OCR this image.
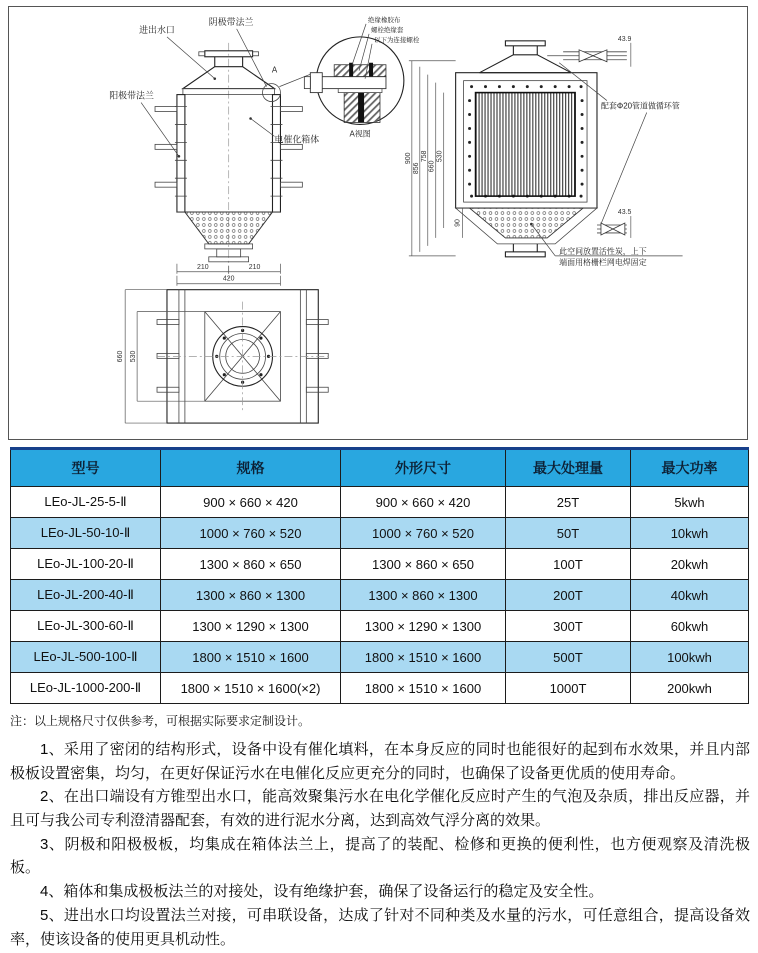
210	210
420
A
进出水口
阴极带法兰
阳极带法兰
电催化箱体
绝缘橡胶布
螺栓绝缘套
以下为连接螺栓
A视图
900
856
758
660
530
90
43.9
43.5
配套Φ20管道做循环管
此空间放置活性炭，上下
端面用格栅栏网电焊固定
660 530
型号	规格	外形尺寸	最大处理量	最大功率
LEo-JL-25-5-Ⅱ	900 × 660 × 420	900 × 660 × 420	25T	5kwh
LEo-JL-50-10-Ⅱ	1000 × 760 × 520	1000 × 760 × 520	50T	10kwh
LEo-JL-100-20-Ⅱ	1300 × 860 × 650	1300 × 860 × 650	100T	20kwh
LEo-JL-200-40-Ⅱ	1300 × 860 × 1300	1300 × 860 × 1300	200T	40kwh
LEo-JL-300-60-Ⅱ	1300 × 1290 × 1300	1300 × 1290 × 1300	300T	60kwh
LEo-JL-500-100-Ⅱ	1800 × 1510 × 1600	1800 × 1510 × 1600	500T	100kwh
LEo-JL-1000-200-Ⅱ	1800 × 1510 × 1600(×2)	1800 × 1510 × 1600	1000T	200kwh
注：以上规格尺寸仅供参考，可根据实际要求定制设计。

1、采用了密闭的结构形式，设备中设有催化填料，在本身反应的同时也能很好的起到布水效果，并且内部极板设置密集，均匀，在更好保证污水在电催化反应更充分的同时，也确保了设备更优质的使用寿命。

2、在出口端设有方锥型出水口，能高效聚集污水在电化学催化反应时产生的气泡及杂质，排出反应器，并且可与我公司专利澄清器配套，有效的进行泥水分离，达到高效气浮分离的效果。

3、阴极和阳极极板，均集成在箱体法兰上，提高了的装配、检修和更换的便利性，也方便观察及清洗极板。

4、箱体和集成极板法兰的对接处，设有绝缘护套，确保了设备运行的稳定及安全性。

5、进出水口均设置法兰对接，可串联设备，达成了针对不同种类及水量的污水，可任意组合，提高设备效率，使该设备的使用更具机动性。
